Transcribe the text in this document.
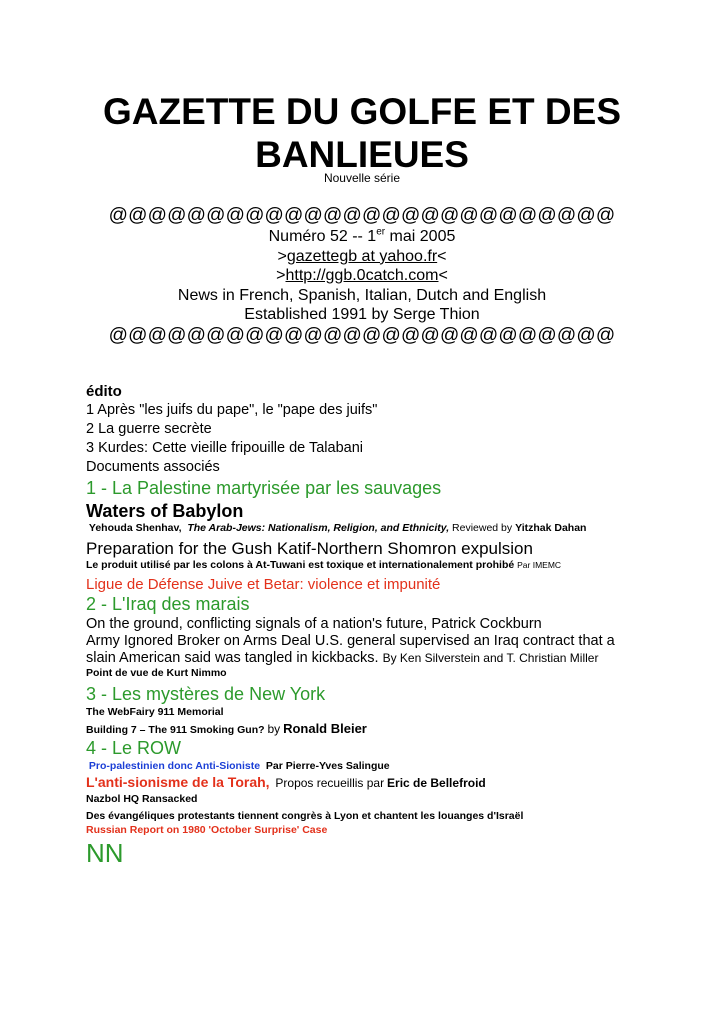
GAZETTE DU GOLFE ET DES BANLIEUES
Nouvelle série
@@@@@@@@@@@@@@@@@@@@@@@@@@
Numéro 52 -- 1er mai 2005
>gazettegb at yahoo.fr<
>http://ggb.0catch.com<
News in French, Spanish, Italian, Dutch and English
Established 1991 by Serge Thion
@@@@@@@@@@@@@@@@@@@@@@@@@@
édito
1 Après "les juifs du pape", le "pape des juifs"
2 La guerre secrète
3 Kurdes: Cette vieille fripouille de Talabani
Documents associés
1 - La Palestine martyrisée par les sauvages
Waters of Babylon
Yehouda Shenhav, The Arab-Jews: Nationalism, Religion, and Ethnicity, Reviewed by Yitzhak Dahan
Preparation for the Gush Katif-Northern Shomron expulsion
Le produit utilisé par les colons à At-Tuwani est toxique et internationalement prohibé Par IMEMC
Ligue de Défense Juive et Betar: violence et impunité
2 - L'Iraq des marais
On the ground, conflicting signals of a nation's future, Patrick Cockburn
Army Ignored Broker on Arms Deal U.S. general supervised an Iraq contract that a slain American said was tangled in kickbacks. By Ken Silverstein and T. Christian Miller
Point de vue de Kurt Nimmo
3 - Les mystères de New York
The WebFairy 911 Memorial
Building 7 – The 911 Smoking Gun? by Ronald Bleier
4 - Le ROW
Pro-palestinien donc Anti-Sioniste Par Pierre-Yves Salingue
L'anti-sionisme de la Torah, Propos recueillis par Eric de Bellefroid
Nazbol HQ Ransacked
Des évangéliques protestants tiennent congrès à Lyon et chantent les louanges d'Israël
Russian Report on 1980 'October Surprise' Case
NN
